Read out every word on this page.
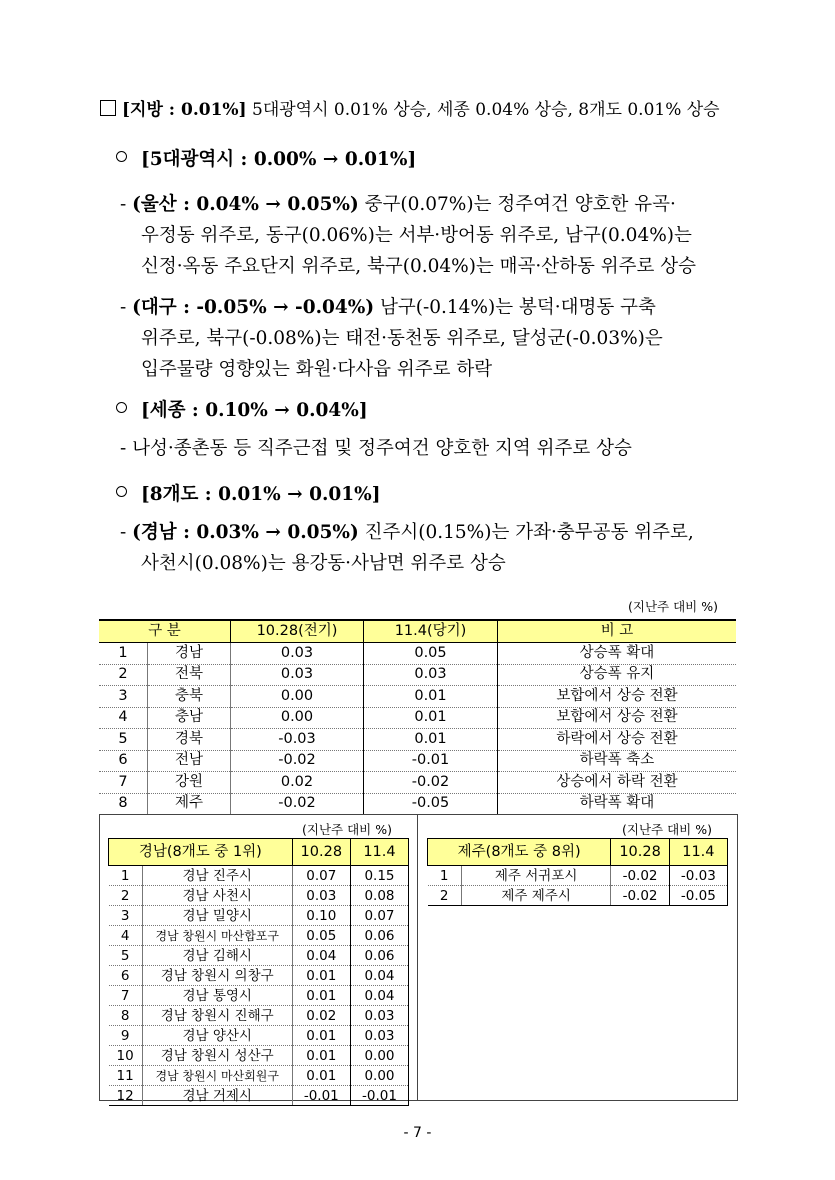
[지방 : 0.01%] 5대광역시 0.01% 상승, 세종 0.04% 상승, 8개도 0.01% 상승
[5대광역시 : 0.00% → 0.01%]
- (울산 : 0.04% → 0.05%) 중구(0.07%)는 정주여건 양호한 유곡·
우정동 위주로, 동구(0.06%)는 서부·방어동 위주로, 남구(0.04%)는
신정·옥동 주요단지 위주로, 북구(0.04%)는 매곡·산하동 위주로 상승
- (대구 : -0.05% → -0.04%) 남구(-0.14%)는 봉덕·대명동 구축
위주로, 북구(-0.08%)는 태전·동천동 위주로, 달성군(-0.03%)은
입주물량 영향있는 화원·다사읍 위주로 하락
[세종 : 0.10% → 0.04%]
- 나성·종촌동 등 직주근접 및 정주여건 양호한 지역 위주로 상승
[8개도 : 0.01% → 0.01%]
- (경남 : 0.03% → 0.05%) 진주시(0.15%)는 가좌·충무공동 위주로,
사천시(0.08%)는 용강동·사남면 위주로 상승
(지난주 대비 %)
구 분		10.28(전기)	11.4(당기)	비 고
1	경남	0.03	0.05	상승폭 확대
2	전북	0.03	0.03	상승폭 유지
3	충북	0.00	0.01	보합에서 상승 전환
4	충남	0.00	0.01	보합에서 상승 전환
5	경북	-0.03	0.01	하락에서 상승 전환
6	전남	-0.02	-0.01	하락폭 축소
7	강원	0.02	-0.02	상승에서 하락 전환
8	제주	-0.02	-0.05	하락폭 확대
(지난주 대비 %)
경남(8개도 중 1위)		10.28	11.4
1	경남 진주시	0.07	0.15
2	경남 사천시	0.03	0.08
3	경남 밀양시	0.10	0.07
4	경남 창원시 마산합포구	0.05	0.06
5	경남 김해시	0.04	0.06
6	경남 창원시 의창구	0.01	0.04
7	경남 통영시	0.01	0.04
8	경남 창원시 진해구	0.02	0.03
9	경남 양산시	0.01	0.03
10	경남 창원시 성산구	0.01	0.00
11	경남 창원시 마산회원구	0.01	0.00
12	경남 거제시	-0.01	-0.01
(지난주 대비 %)
제주(8개도 중 8위)		10.28	11.4
1	제주 서귀포시	-0.02	-0.03
2	제주 제주시	-0.02	-0.05
- 7 -
